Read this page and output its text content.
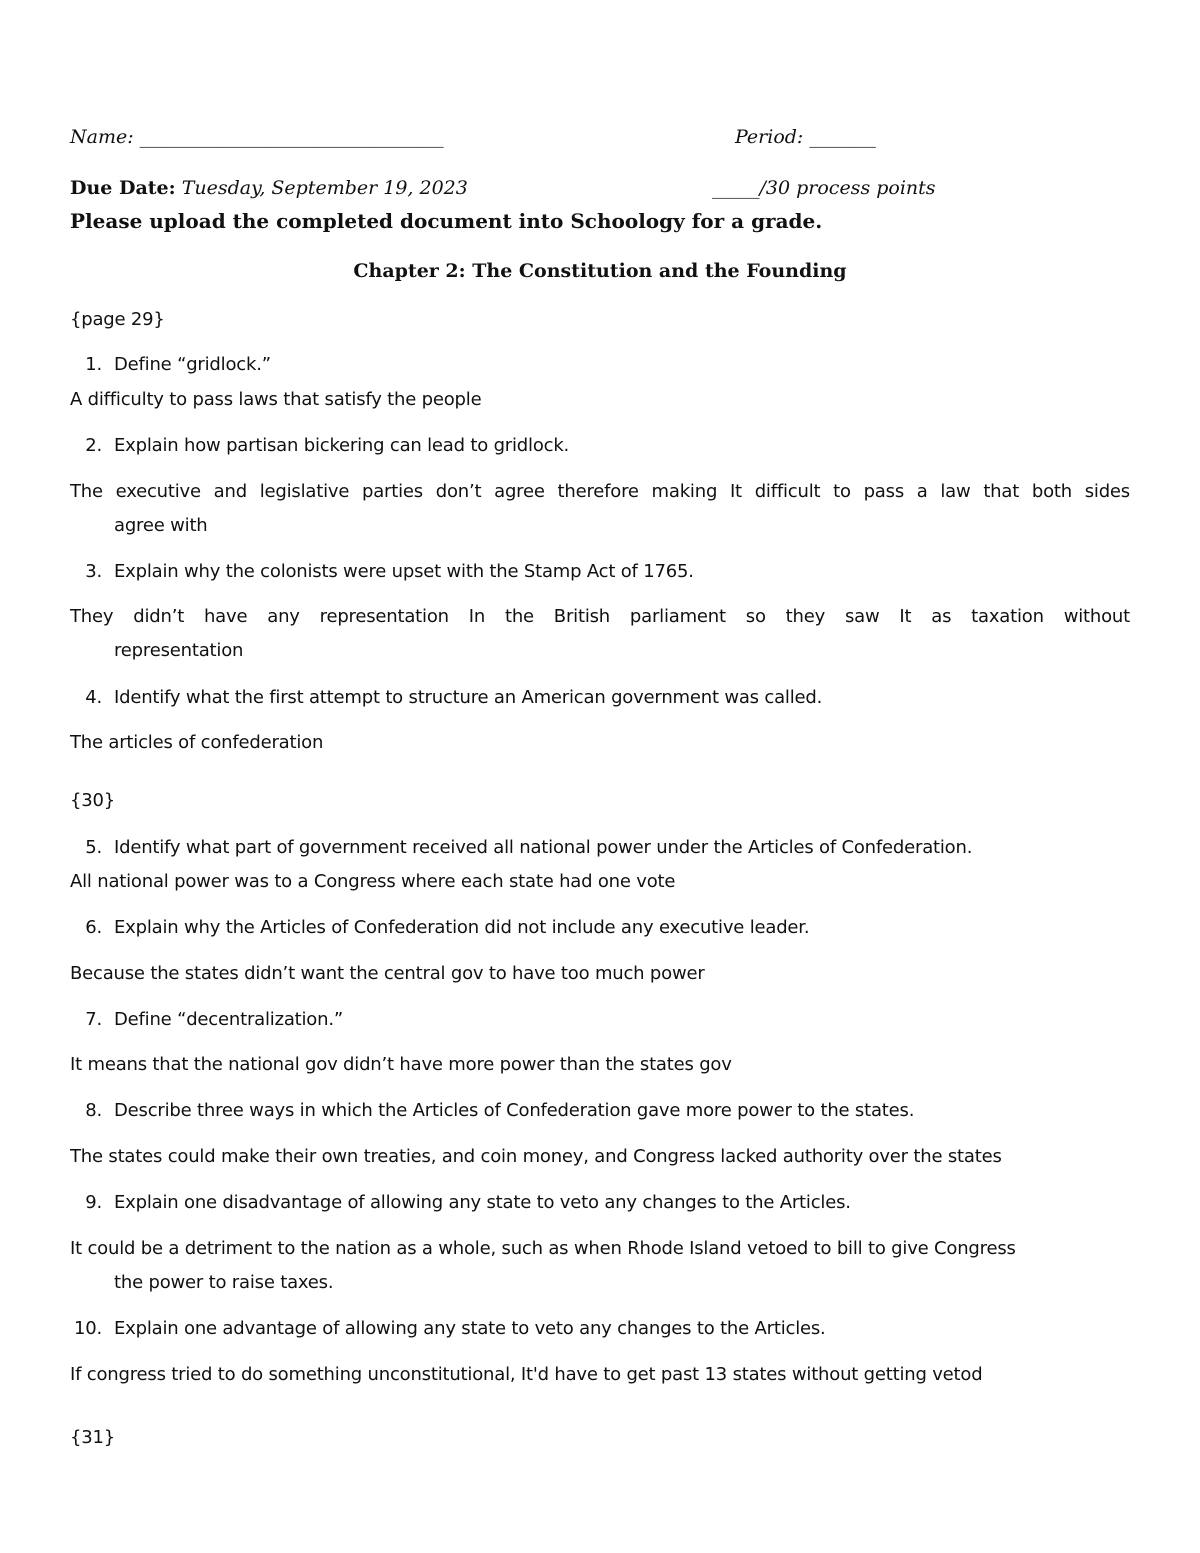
Name: ________________________________	Period: _______
Due Date: Tuesday, September 19, 2023	_____/30 process points
Please upload the completed document into Schoology for a grade.
Chapter 2: The Constitution and the Founding
{page 29}
1. Define “gridlock.”
A difficulty to pass laws that satisfy the people
2. Explain how partisan bickering can lead to gridlock.
The executive and legislative parties don’t agree therefore making It difficult to pass a law that both sides
agree with
3. Explain why the colonists were upset with the Stamp Act of 1765.
They didn’t have any representation In the British parliament so they saw It as taxation without
representation
4. Identify what the first attempt to structure an American government was called.
The articles of confederation
{30}
5. Identify what part of government received all national power under the Articles of Confederation.
All national power was to a Congress where each state had one vote
6. Explain why the Articles of Confederation did not include any executive leader.
Because the states didn’t want the central gov to have too much power
7. Define “decentralization.”
It means that the national gov didn’t have more power than the states gov
8. Describe three ways in which the Articles of Confederation gave more power to the states.
The states could make their own treaties, and coin money, and Congress lacked authority over the states
9. Explain one disadvantage of allowing any state to veto any changes to the Articles.
It could be a detriment to the nation as a whole, such as when Rhode Island vetoed to bill to give Congress
the power to raise taxes.
10. Explain one advantage of allowing any state to veto any changes to the Articles.
If congress tried to do something unconstitutional, It'd have to get past 13 states without getting vetod
{31}
